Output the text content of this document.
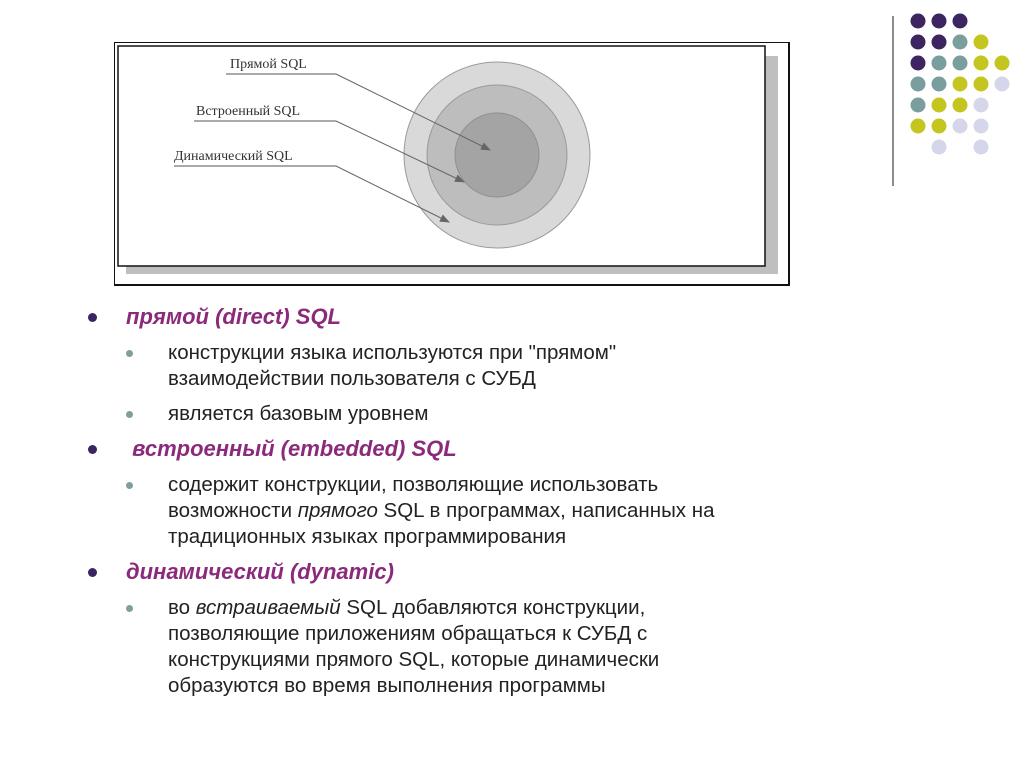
Прямой SQL
Встроенный SQL
Динамический SQL
прямой (direct) SQL
конструкции языка используются при "прямом"
взаимодействии пользователя с СУБД
является базовым уровнем
встроенный (embedded) SQL
содержит конструкции, позволяющие использовать
возможности прямого SQL в программах, написанных на
традиционных языках программирования
динамический (dynamic)
во встраиваемый SQL добавляются конструкции,
позволяющие приложениям обращаться к СУБД с
конструкциями прямого SQL, которые динамически
образуются во время выполнения программы
